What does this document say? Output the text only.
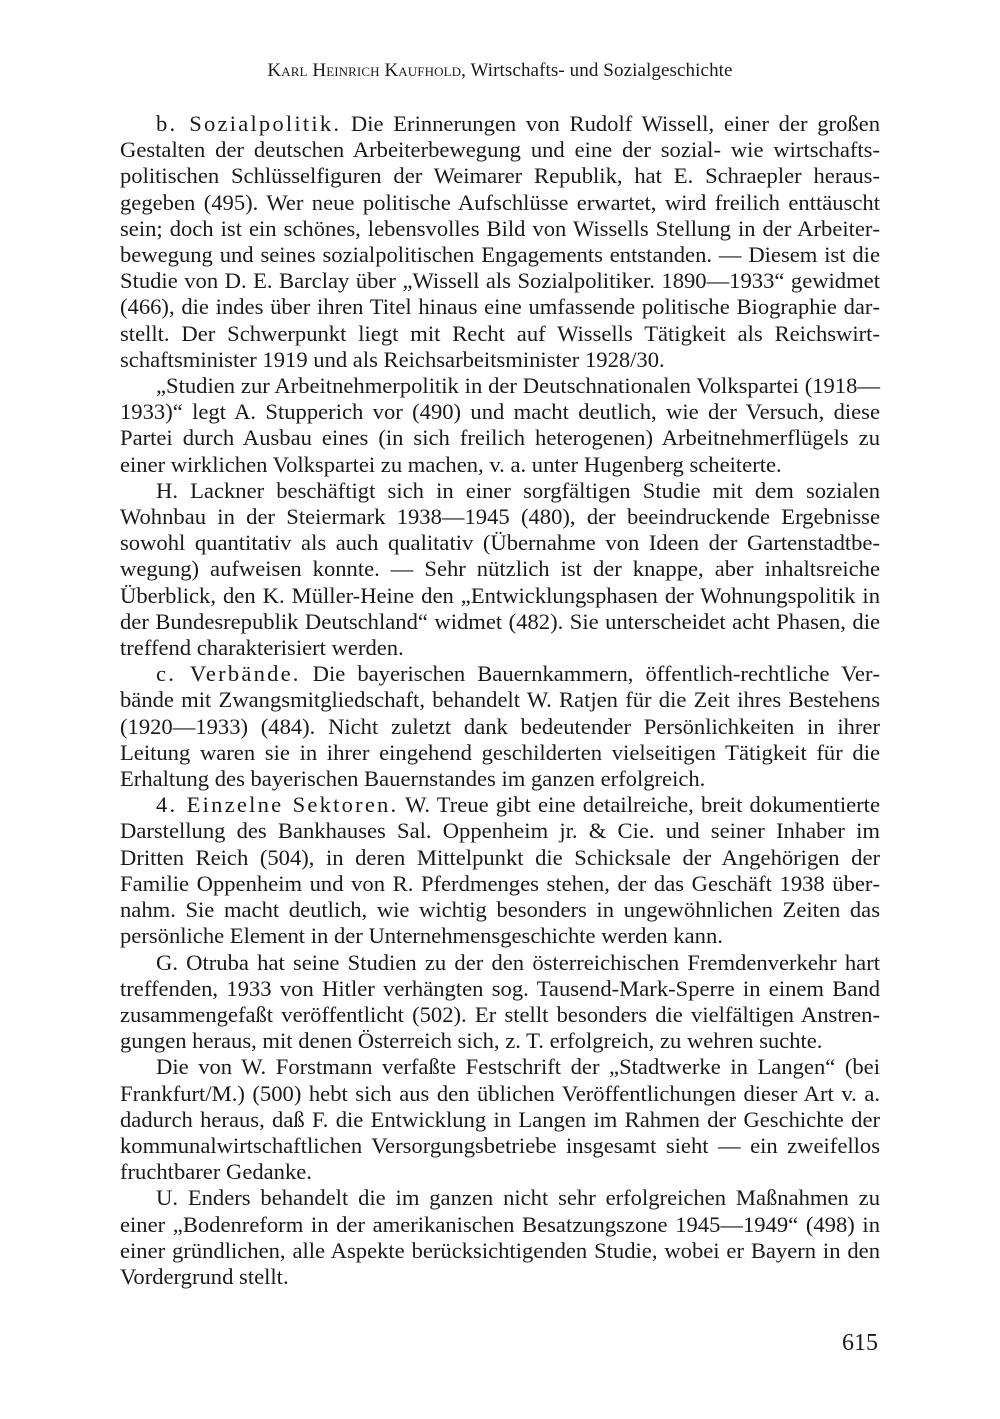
Karl Heinrich Kaufhold, Wirtschafts- und Sozialgeschichte

b. Sozialpolitik. Die Erinnerungen von Rudolf Wissell, einer der großen Gestalten der deutschen Arbeiterbewegung und eine der sozial- wie wirtschaftspolitischen Schlüsselfiguren der Weimarer Republik, hat E. Schraepler herausgegeben (495). Wer neue politische Aufschlüsse erwartet, wird freilich enttäuscht sein; doch ist ein schönes, lebensvolles Bild von Wissells Stellung in der Arbeiterbewegung und seines sozialpolitischen Engagements entstanden. — Diesem ist die Studie von D. E. Barclay über „Wissell als Sozialpolitiker. 1890—1933“ gewidmet (466), die indes über ihren Titel hinaus eine umfassende politische Biographie darstellt. Der Schwerpunkt liegt mit Recht auf Wissells Tätigkeit als Reichswirtschaftsminister 1919 und als Reichsarbeitsminister 1928/30.

„Studien zur Arbeitnehmerpolitik in der Deutschnationalen Volkspartei (1918—1933)“ legt A. Stupperich vor (490) und macht deutlich, wie der Versuch, diese Partei durch Ausbau eines (in sich freilich heterogenen) Arbeitnehmerflügels zu einer wirklichen Volkspartei zu machen, v. a. unter Hugenberg scheiterte.

H. Lackner beschäftigt sich in einer sorgfältigen Studie mit dem sozialen Wohnbau in der Steiermark 1938—1945 (480), der beeindruckende Ergebnisse sowohl quantitativ als auch qualitativ (Übernahme von Ideen der Gartenstadtbewegung) aufweisen konnte. — Sehr nützlich ist der knappe, aber inhaltsreiche Überblick, den K. Müller-Heine den „Entwicklungsphasen der Wohnungspolitik in der Bundesrepublik Deutschland“ widmet (482). Sie unterscheidet acht Phasen, die treffend charakterisiert werden.

c. Verbände. Die bayerischen Bauernkammern, öffentlich-rechtliche Verbände mit Zwangsmitgliedschaft, behandelt W. Ratjen für die Zeit ihres Bestehens (1920—1933) (484). Nicht zuletzt dank bedeutender Persönlichkeiten in ihrer Leitung waren sie in ihrer eingehend geschilderten vielseitigen Tätigkeit für die Erhaltung des bayerischen Bauernstandes im ganzen erfolgreich.

4. Einzelne Sektoren. W. Treue gibt eine detailreiche, breit dokumentierte Darstellung des Bankhauses Sal. Oppenheim jr. & Cie. und seiner Inhaber im Dritten Reich (504), in deren Mittelpunkt die Schicksale der Angehörigen der Familie Oppenheim und von R. Pferdmenges stehen, der das Geschäft 1938 übernahm. Sie macht deutlich, wie wichtig besonders in ungewöhnlichen Zeiten das persönliche Element in der Unternehmensgeschichte werden kann.

G. Otruba hat seine Studien zu der den österreichischen Fremdenverkehr hart treffenden, 1933 von Hitler verhängten sog. Tausend-Mark-Sperre in einem Band zusammengefaßt veröffentlicht (502). Er stellt besonders die vielfältigen Anstrengungen heraus, mit denen Österreich sich, z. T. erfolgreich, zu wehren suchte.

Die von W. Forstmann verfaßte Festschrift der „Stadtwerke in Langen“ (bei Frankfurt/M.) (500) hebt sich aus den üblichen Veröffentlichungen dieser Art v. a. dadurch heraus, daß F. die Entwicklung in Langen im Rahmen der Geschichte der kommunalwirtschaftlichen Versorgungsbetriebe insgesamt sieht — ein zweifellos fruchtbarer Gedanke.

U. Enders behandelt die im ganzen nicht sehr erfolgreichen Maßnahmen zu einer „Bodenreform in der amerikanischen Besatzungszone 1945—1949“ (498) in einer gründlichen, alle Aspekte berücksichtigenden Studie, wobei er Bayern in den Vordergrund stellt.

615
